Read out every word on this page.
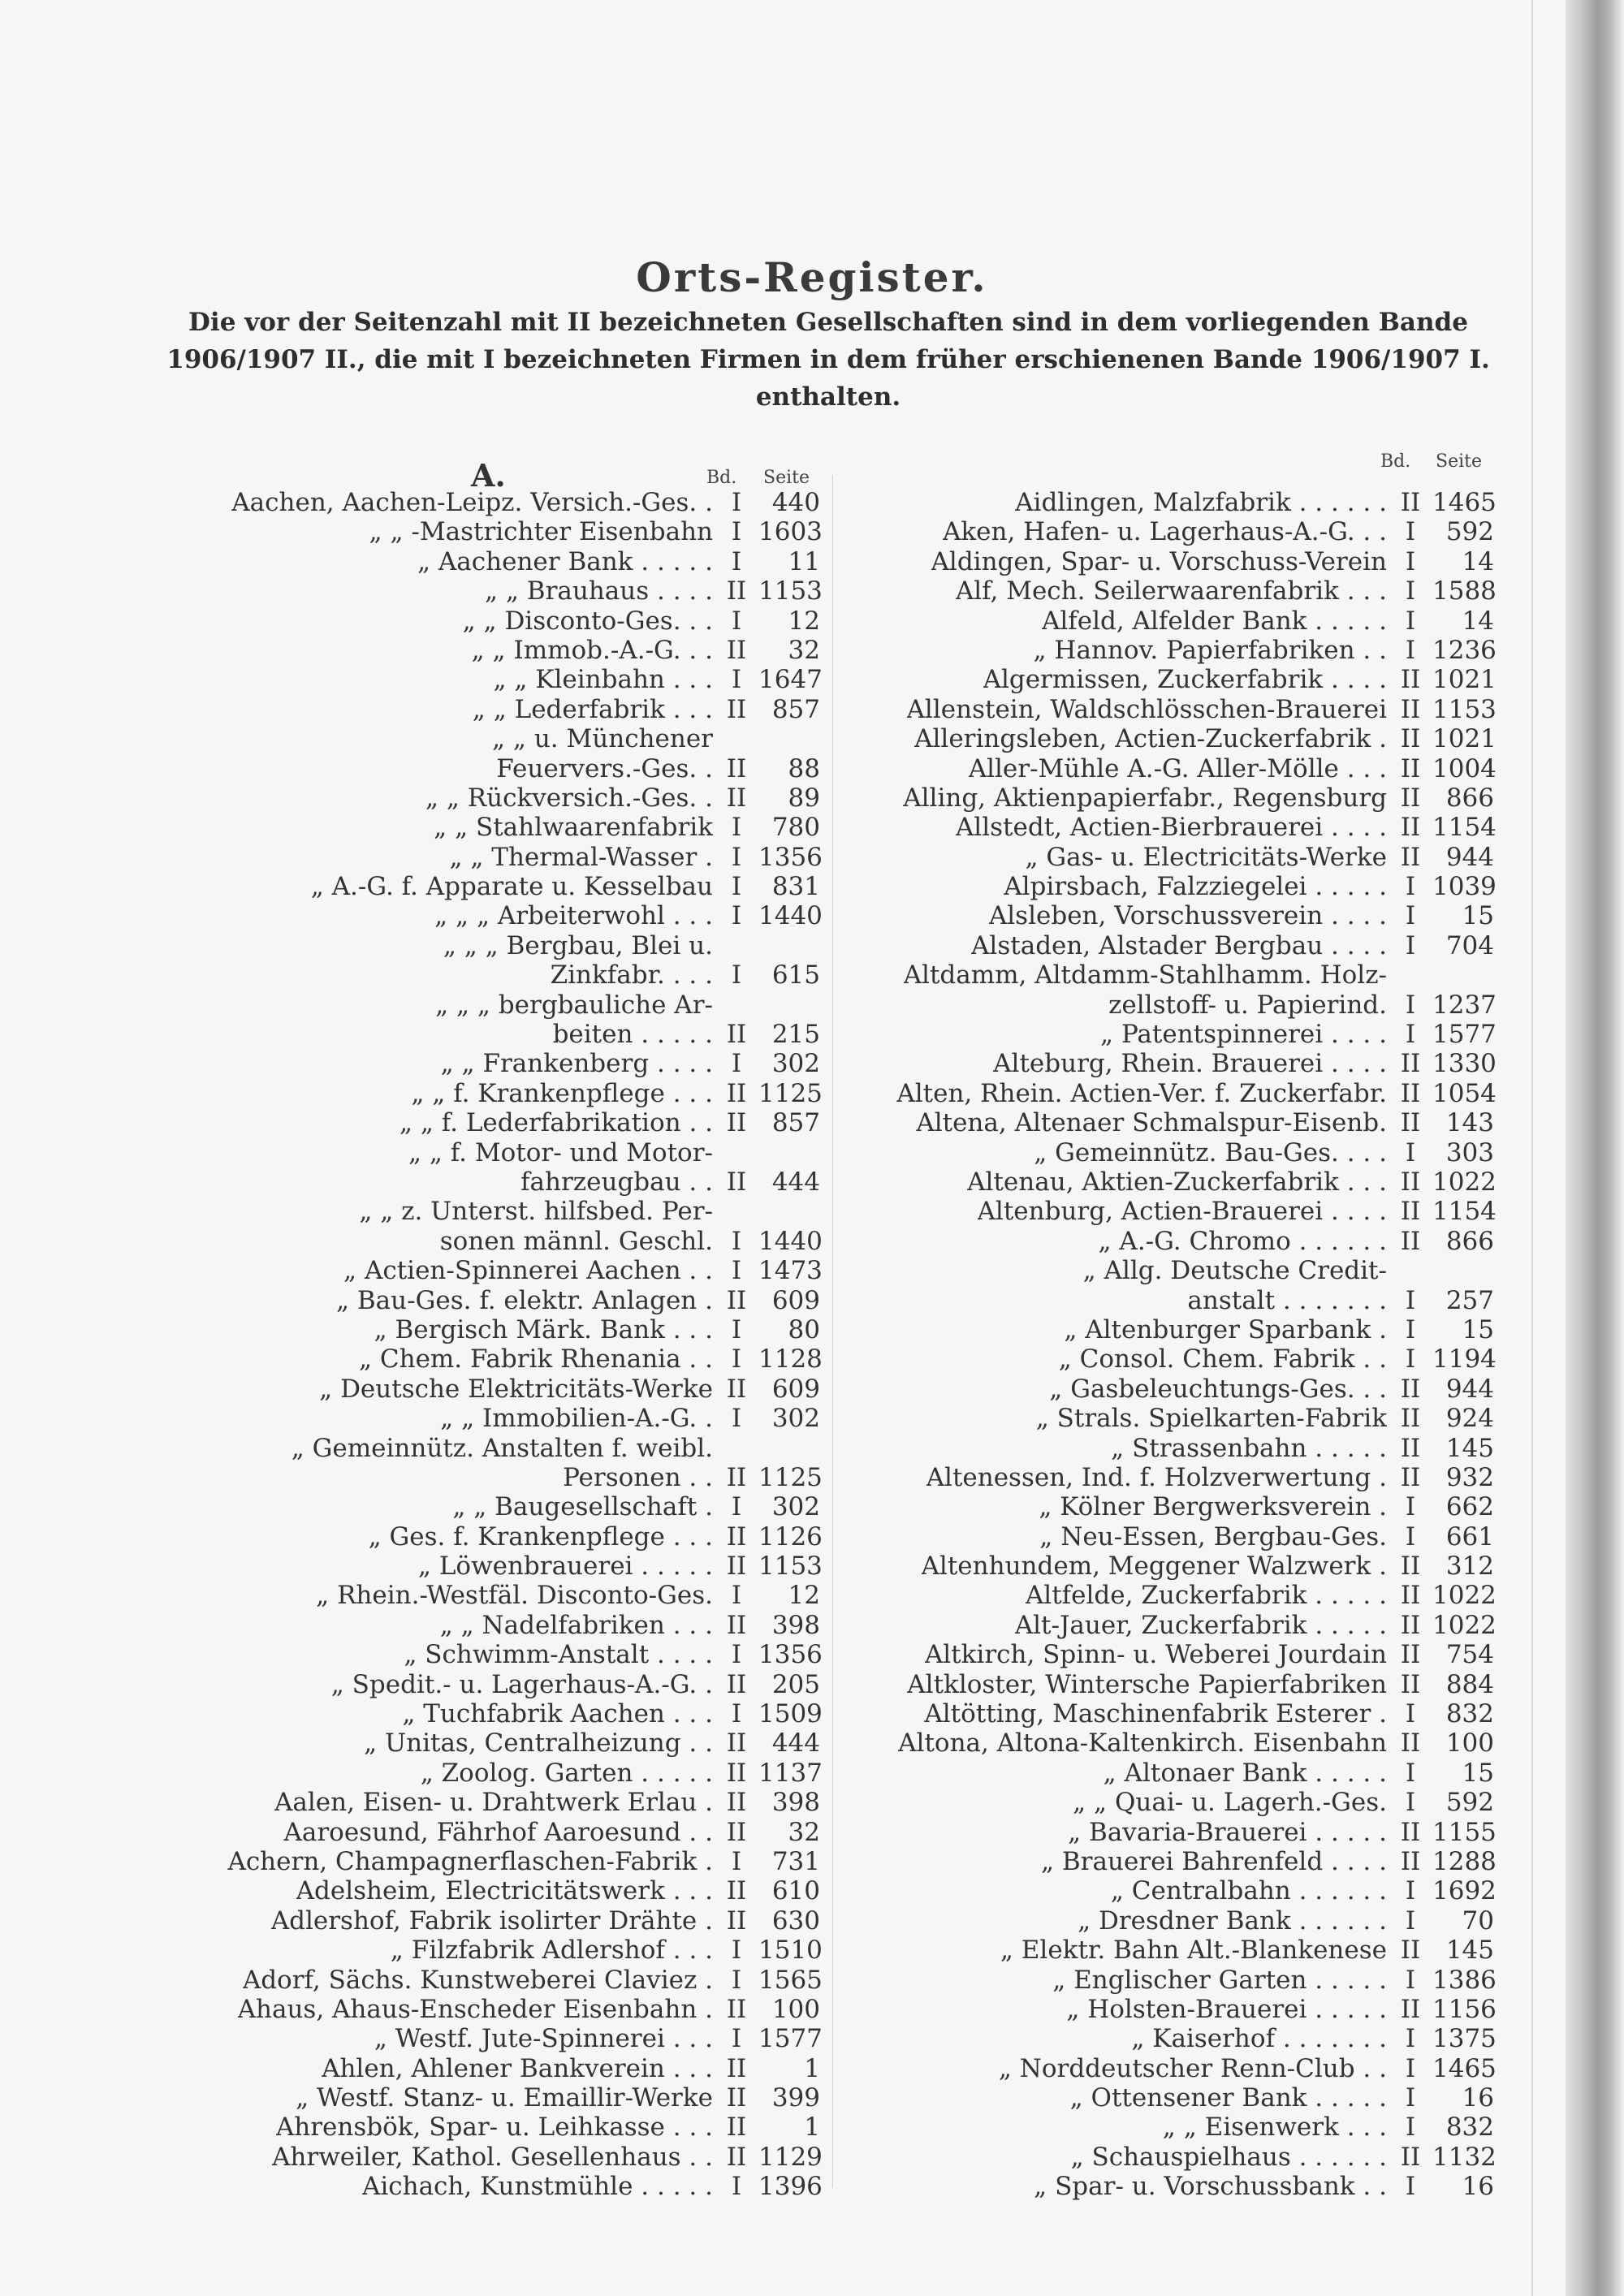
Orts-Register.
Die vor der Seitenzahl mit II bezeichneten Gesellschaften sind in dem vorliegenden Bande 1906/1907 II., die mit I bezeichneten Firmen in dem früher erschienenen Bande 1906/1907 I. enthalten.
A.	Bd. Seite
Bd. Seite
Aachen, Aachen-Leipz. Versich.-Ges. . I	440
„ „ -Mastrichter Eisenbahn I 1603
„ Aachener Bank . . . . . I	11
„ „ Brauhaus . . . . II 1153
„ „ Disconto-Ges. . . I	12
„ „ Immob.-A.-G. . . II	32
„ „ Kleinbahn . . . I 1647
„ „ Lederfabrik . . . II	857
„ „ u. Münchener
Feuervers.-Ges. . II	88
„ „ Rückversich.-Ges. . II	89
„ „ Stahlwaarenfabrik I	780
„ „ Thermal-Wasser . I 1356
„ A.-G. f. Apparate u. Kesselbau I	831
„ „ „ Arbeiterwohl . . . I 1440
„ „ „ Bergbau, Blei u.
Zinkfabr. . . . I	615
„ „ „ bergbauliche Ar-
beiten . . . . . II	215
„ „ Frankenberg . . . . I	302
„ „ f. Krankenpflege . . . II 1125
„ „ f. Lederfabrikation . . II	857
„ „ f. Motor- und Motor-
fahrzeugbau . . II	444
„ „ z. Unterst. hilfsbed. Per-
sonen männl. Geschl. I 1440
„ Actien-Spinnerei Aachen . . I 1473
„ Bau-Ges. f. elektr. Anlagen . II	609
„ Bergisch Märk. Bank . . . I	80
„ Chem. Fabrik Rhenania . . I 1128
„ Deutsche Elektricitäts-Werke II	609
„ „ Immobilien-A.-G. . I	302
„ Gemeinnütz. Anstalten f. weibl.
Personen . . II 1125
„ „ Baugesellschaft . I	302
„ Ges. f. Krankenpflege . . . II 1126
„ Löwenbrauerei . . . . . II 1153
„ Rhein.-Westfäl. Disconto-Ges. I	12
„ „ Nadelfabriken . . . II	398
„ Schwimm-Anstalt . . . . I 1356
„ Spedit.- u. Lagerhaus-A.-G. . II	205
„ Tuchfabrik Aachen . . . I 1509
„ Unitas, Centralheizung . . II	444
„ Zoolog. Garten . . . . . II 1137
Aalen, Eisen- u. Drahtwerk Erlau . II	398
Aaroesund, Fährhof Aaroesund . . II	32
Achern, Champagnerflaschen-Fabrik . I	731
Adelsheim, Electricitätswerk . . . II	610
Adlershof, Fabrik isolirter Drähte . II	630
„ Filzfabrik Adlershof . . . I 1510
Adorf, Sächs. Kunstweberei Claviez . I 1565
Ahaus, Ahaus-Enscheder Eisenbahn . II	100
„ Westf. Jute-Spinnerei . . . I 1577
Ahlen, Ahlener Bankverein . . . II	1
„ Westf. Stanz- u. Emaillir-Werke II	399
Ahrensbök, Spar- u. Leihkasse . . . II	1
Ahrweiler, Kathol. Gesellenhaus . . II 1129
Aichach, Kunstmühle . . . . . I 1396
Aidlingen, Malzfabrik . . . . . . II 1465
Aken, Hafen- u. Lagerhaus-A.-G. . . I	592
Aldingen, Spar- u. Vorschuss-Verein I	14
Alf, Mech. Seilerwaarenfabrik . . . I 1588
Alfeld, Alfelder Bank . . . . . I	14
„ Hannov. Papierfabriken . . I 1236
Algermissen, Zuckerfabrik . . . . II 1021
Allenstein, Waldschlösschen-Brauerei II 1153
Alleringsleben, Actien-Zuckerfabrik . II 1021
Aller-Mühle A.-G. Aller-Mölle . . . II 1004
Alling, Aktienpapierfabr., Regensburg II	866
Allstedt, Actien-Bierbrauerei . . . . II 1154
„ Gas- u. Electricitäts-Werke II	944
Alpirsbach, Falzziegelei . . . . . I 1039
Alsleben, Vorschussverein . . . . I	15
Alstaden, Alstader Bergbau . . . . I	704
Altdamm, Altdamm-Stahlhamm. Holz-
zellstoff- u. Papierind. I 1237
„ Patentspinnerei . . . . I 1577
Alteburg, Rhein. Brauerei . . . . II 1330
Alten, Rhein. Actien-Ver. f. Zuckerfabr. II 1054
Altena, Altenaer Schmalspur-Eisenb. II	143
„ Gemeinnütz. Bau-Ges. . . . I	303
Altenau, Aktien-Zuckerfabrik . . . II 1022
Altenburg, Actien-Brauerei . . . . II 1154
„ A.-G. Chromo . . . . . . II	866
„ Allg. Deutsche Credit-
anstalt . . . . . . . I	257
„ Altenburger Sparbank . I	15
„ Consol. Chem. Fabrik . . I 1194
„ Gasbeleuchtungs-Ges. . . II	944
„ Strals. Spielkarten-Fabrik II	924
„ Strassenbahn . . . . . II	145
Altenessen, Ind. f. Holzverwertung . II	932
„ Kölner Bergwerksverein . I	662
„ Neu-Essen, Bergbau-Ges. I	661
Altenhundem, Meggener Walzwerk . II	312
Altfelde, Zuckerfabrik . . . . . II 1022
Alt-Jauer, Zuckerfabrik . . . . . II 1022
Altkirch, Spinn- u. Weberei Jourdain II	754
Altkloster, Wintersche Papierfabriken II	884
Altötting, Maschinenfabrik Esterer . I	832
Altona, Altona-Kaltenkirch. Eisenbahn II	100
„ Altonaer Bank . . . . . I	15
„ „ Quai- u. Lagerh.-Ges. I	592
„ Bavaria-Brauerei . . . . . II 1155
„ Brauerei Bahrenfeld . . . . II 1288
„ Centralbahn . . . . . . I 1692
„ Dresdner Bank . . . . . . I	70
„ Elektr. Bahn Alt.-Blankenese II	145
„ Englischer Garten . . . . . I 1386
„ Holsten-Brauerei . . . . . II 1156
„ Kaiserhof . . . . . . . I 1375
„ Norddeutscher Renn-Club . . I 1465
„ Ottensener Bank . . . . . I	16
„ „ Eisenwerk . . . I	832
„ Schauspielhaus . . . . . . II 1132
„ Spar- u. Vorschussbank . . I	16
